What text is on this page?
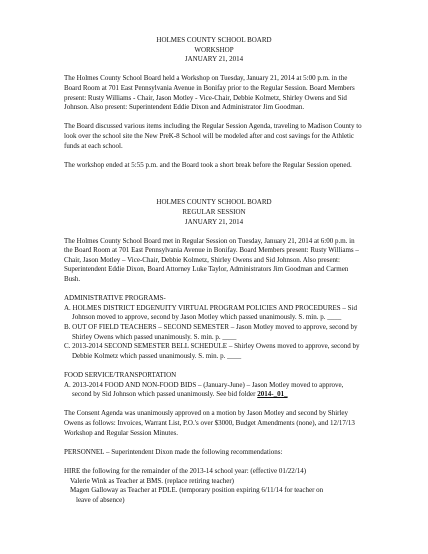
HOLMES COUNTY SCHOOL BOARD

WORKSHOP

JANUARY 21, 2014

The Holmes County School Board held a Workshop on Tuesday, January 21, 2014 at 5:00 p.m. in the Board Room at 701 East Pennsylvania Avenue in Bonifay prior to the Regular Session. Board Members present: Rusty Williams - Chair, Jason Motley - Vice-Chair, Debbie Kolmetz, Shirley Owens and Sid Johnson. Also present: Superintendent Eddie Dixon and Administrator Jim Goodman.

The Board discussed various items including the Regular Session Agenda, traveling to Madison County to look over the school site the New PreK-8 School will be modeled after and cost savings for the Athletic funds at each school.

The workshop ended at 5:55 p.m. and the Board took a short break before the Regular Session opened.

HOLMES COUNTY SCHOOL BOARD

REGULAR SESSION

JANUARY 21, 2014

The Holmes County School Board met in Regular Session on Tuesday, January 21, 2014 at 6:00 p.m. in the Board Room at 701 East Pennsylvania Avenue in Bonifay. Board Members present: Rusty Williams – Chair, Jason Motley – Vice-Chair, Debbie Kolmetz, Shirley Owens and Sid Johnson. Also present: Superintendent Eddie Dixon, Board Attorney Luke Taylor, Administrators Jim Goodman and Carmen Bush.

ADMINISTRATIVE PROGRAMS-

A. HOLMES DISTRICT EDGENUITY VIRTUAL PROGRAM POLICIES AND PROCEDURES – Sid Johnson moved to approve, second by Jason Motley which passed unanimously. S. min. p. ____

B. OUT OF FIELD TEACHERS – SECOND SEMESTER – Jason Motley moved to approve, second by Shirley Owens which passed unanimously. S. min. p. ____

C. 2013-2014 SECOND SEMESTER BELL SCHEDULE – Shirley Owens moved to approve, second by Debbie Kolmetz which passed unanimously. S. min. p. ____

FOOD SERVICE/TRANSPORTATION

A. 2013-2014 FOOD AND NON-FOOD BIDS – (January-June) – Jason Motley moved to approve, second by Sid Johnson which passed unanimously. See bid folder 2014-_01_

The Consent Agenda was unanimously approved on a motion by Jason Motley and second by Shirley Owens as follows: Invoices, Warrant List, P.O.'s over $3000, Budget Amendments (none), and 12/17/13 Workshop and Regular Session Minutes.

PERSONNEL – Superintendent Dixon made the following recommendations:

HIRE the following for the remainder of the 2013-14 school year: (effective 01/22/14)

Valerie Wink as Teacher at BMS. (replace retiring teacher)

Magen Galloway as Teacher at PDLE. (temporary position expiring 6/11/14 for teacher on

leave of absence)
